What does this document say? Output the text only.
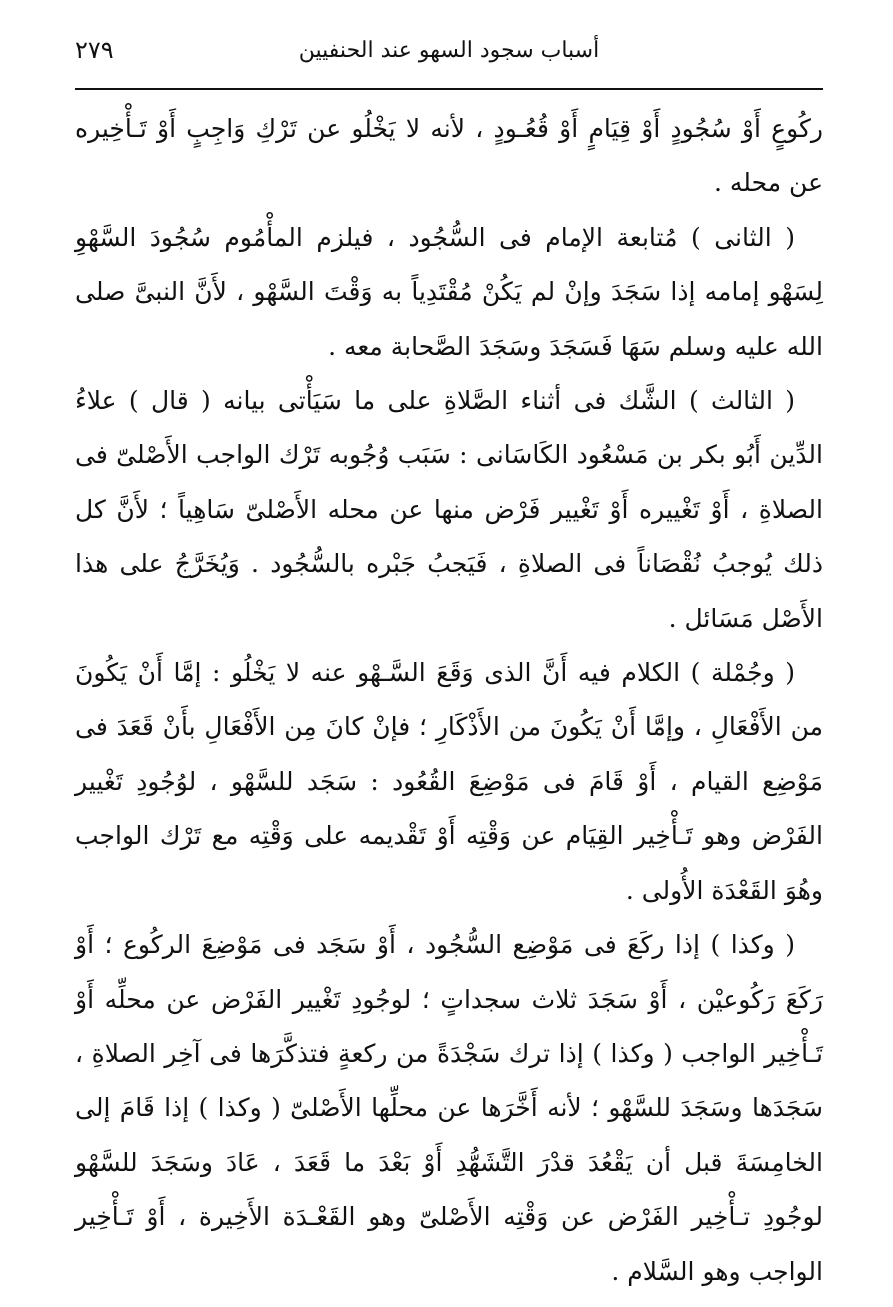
أسباب سجود السهو عند الحنفيين
٢٧٩

ركُوعٍ أَوْ سُجُودٍ أَوْ قِيَامٍ أَوْ قُعُـودٍ ، لأنه لا يَخْلُو عن تَرْكِ وَاجِبٍ أَوْ تَـأْخِيره عن محله .

( الثانى ) مُتابعة الإمام فى السُّجُود ، فيلزم المأْمُوم سُجُودَ السَّهْوِ لِسَهْو إمامه إذا سَجَدَ وإنْ لم يَكُنْ مُقْتَدِياً به وَقْتَ السَّهْو ، لأَنَّ النبىَّ صلى الله عليه وسلم سَهَا فَسَجَدَ وسَجَدَ الصَّحابة معه .

( الثالث ) الشَّك فى أثناء الصَّلاةِ على ما سَيَأْتى بيانه ( قال ) علاءُ الدِّين أَبُو بكر بن مَسْعُود الكَاسَانى : سَبَب وُجُوبه تَرْك الواجب الأَصْلىّ فى الصلاةِ ، أَوْ تَغْييره أَوْ تَغْيير فَرْض منها عن محله الأَصْلىّ سَاهِياً ؛ لأَنَّ كل ذلك يُوجبُ نُقْصَاناً فى الصلاةِ ، فَيَجبُ جَبْره بالسُّجُود . وَيُخَرَّجُ على هذا الأَصْل مَسَائل .

( وجُمْلة ) الكلام فيه أَنَّ الذى وَقَعَ السَّـهْو عنه لا يَخْلُو : إمَّا أَنْ يَكُونَ من الأَفْعَالِ ، وإمَّا أَنْ يَكُونَ من الأَذْكَارِ ؛ فإنْ كانَ مِن الأَفْعَالِ بأَنْ قَعَدَ فى مَوْضِع القيام ، أَوْ قَامَ فى مَوْضِعَ القُعُود : سَجَد للسَّهْو ، لوُجُودِ تَغْيير الفَرْض وهو تَـأْخِير القِيَام عن وَقْتِه أَوْ تَقْديمه على وَقْتِه مع تَرْك الواجب وهُوَ القَعْدَة الأُولى .

( وكذا ) إذا ركَعَ فى مَوْضِع السُّجُود ، أَوْ سَجَد فى مَوْضِعَ الركُوع ؛ أَوْ رَكَعَ رَكُوعيْن ، أَوْ سَجَدَ ثلاث سجداتٍ ؛ لوجُودِ تَغْيير الفَرْض عن محلِّه أَوْ تَـأْخِير الواجب ( وكذا ) إذا ترك سَجْدَةً من ركعةٍ فتذكَّرَها فى آخِر الصلاةِ ، سَجَدَها وسَجَدَ للسَّهْو ؛ لأنه أَخَّرَها عن محلِّها الأَصْلىّ ( وكذا ) إذا قَامَ إلى الخامِسَةَ قبل أن يَقْعُدَ قدْرَ التَّشَهُّدِ أَوْ بَعْدَ ما قَعَدَ ، عَادَ وسَجَدَ للسَّهْو لوجُودِ تـأْخِير الفَرْض عن وَقْتِه الأَصْلىّ وهو القَعْـدَة الأَخِيرة ، أَوْ تَـأْخِير الواجب وهو السَّلام .
